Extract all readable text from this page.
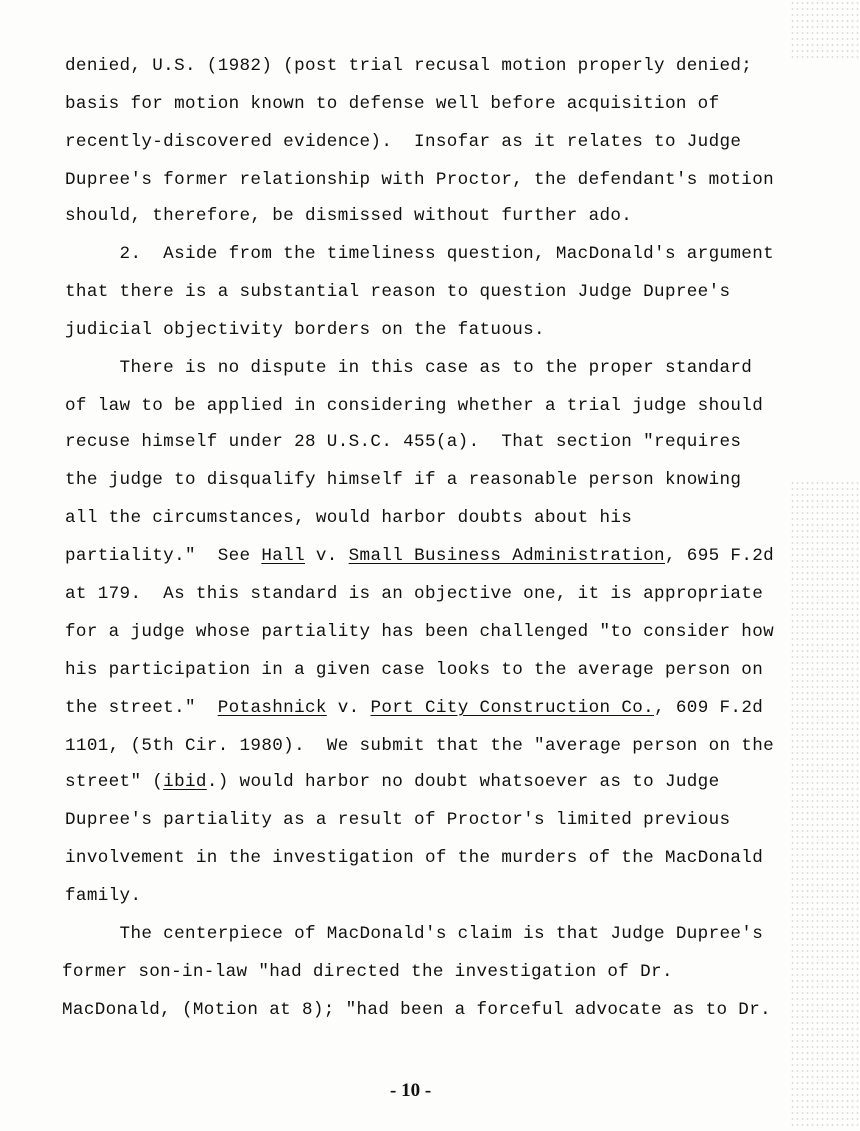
denied, U.S. (1982) (post trial recusal motion properly denied;
basis for motion known to defense well before acquisition of
recently-discovered evidence).  Insofar as it relates to Judge
Dupree's former relationship with Proctor, the defendant's motion
should, therefore, be dismissed without further ado.
2.  Aside from the timeliness question, MacDonald's argument
that there is a substantial reason to question Judge Dupree's
judicial objectivity borders on the fatuous.
There is no dispute in this case as to the proper standard
of law to be applied in considering whether a trial judge should
recuse himself under 28 U.S.C. 455(a).  That section "requires
the judge to disqualify himself if a reasonable person knowing
all the circumstances, would harbor doubts about his
partiality."  See Hall v. Small Business Administration, 695 F.2d
at 179.  As this standard is an objective one, it is appropriate
for a judge whose partiality has been challenged "to consider how
his participation in a given case looks to the average person on
the street."  Potashnick v. Port City Construction Co., 609 F.2d
1101, (5th Cir. 1980).  We submit that the "average person on the
street" (ibid.) would harbor no doubt whatsoever as to Judge
Dupree's partiality as a result of Proctor's limited previous
involvement in the investigation of the murders of the MacDonald
family.
The centerpiece of MacDonald's claim is that Judge Dupree's
former son-in-law "had directed the investigation of Dr.
MacDonald, (Motion at 8); "had been a forceful advocate as to Dr.
- 10 -
